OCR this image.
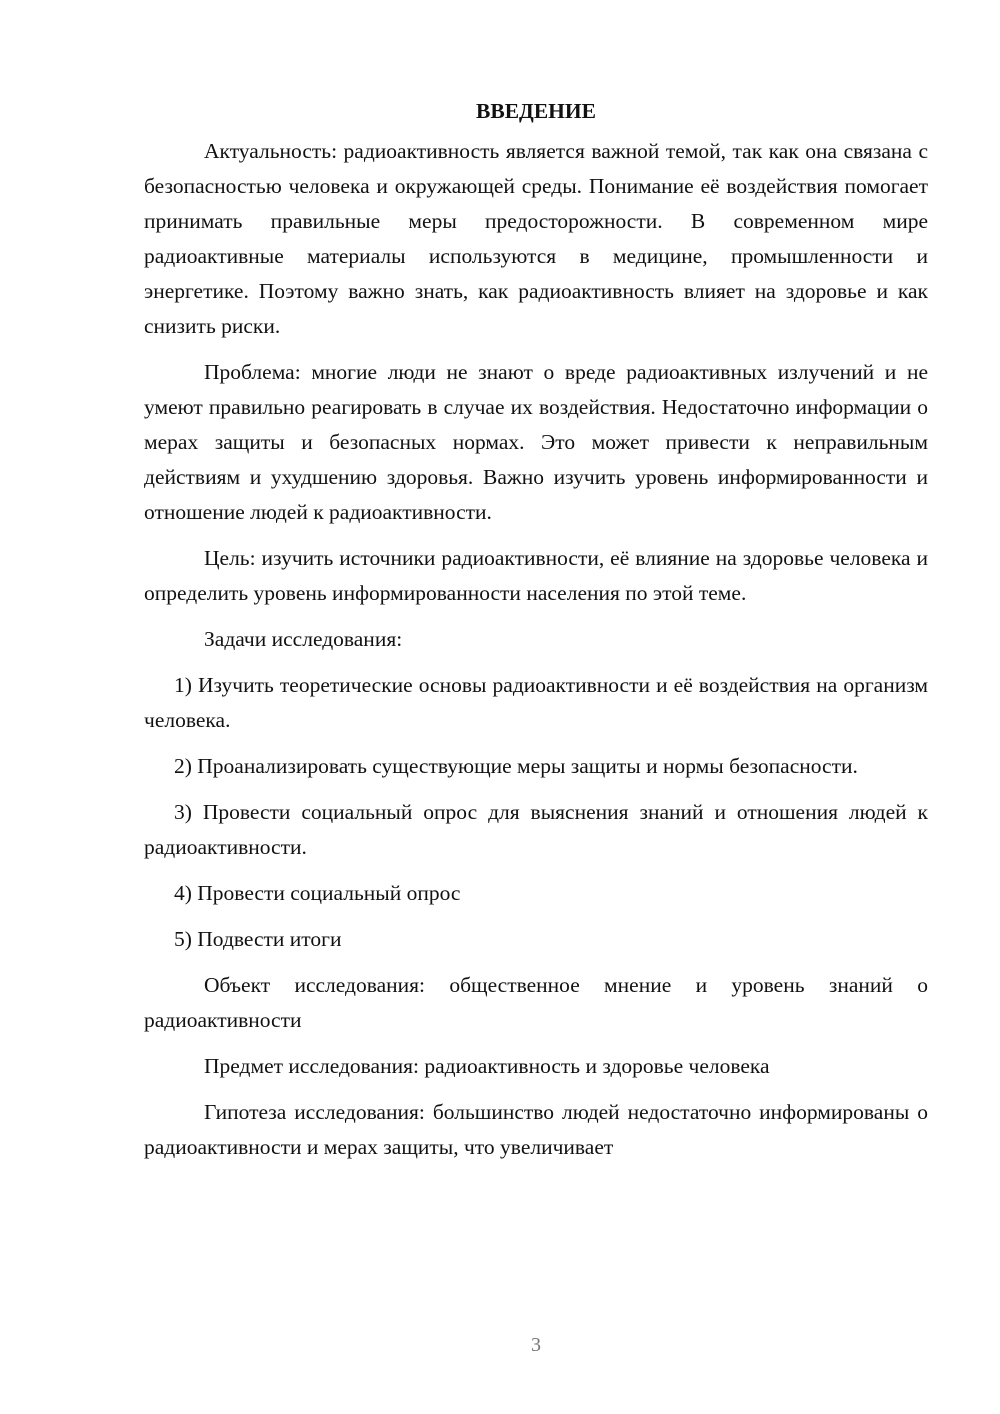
ВВЕДЕНИЕ

Актуальность: радиоактивность является важной темой, так как она связана с безопасностью человека и окружающей среды. Понимание её воздействия помогает принимать правильные меры предосторожности. В современном мире радиоактивные материалы используются в медицине, промышленности и энергетике. Поэтому важно знать, как радиоактивность влияет на здоровье и как снизить риски.

Проблема: многие люди не знают о вреде радиоактивных излучений и не умеют правильно реагировать в случае их воздействия. Недостаточно информации о мерах защиты и безопасных нормах. Это может привести к неправильным действиям и ухудшению здоровья. Важно изучить уровень информированности и отношение людей к радиоактивности.

Цель: изучить источники радиоактивности, её влияние на здоровье человека и определить уровень информированности населения по этой теме.

Задачи исследования:

1) Изучить теоретические основы радиоактивности и её воздействия на организм человека.

2) Проанализировать существующие меры защиты и нормы безопасности.

3) Провести социальный опрос для выяснения знаний и отношения людей к радиоактивности.

4) Провести социальный опрос

5) Подвести итоги

Объект исследования: общественное мнение и уровень знаний о радиоактивности

Предмет исследования: радиоактивность и здоровье человека

Гипотеза исследования: большинство людей недостаточно информированы о радиоактивности и мерах защиты, что увеличивает

3
